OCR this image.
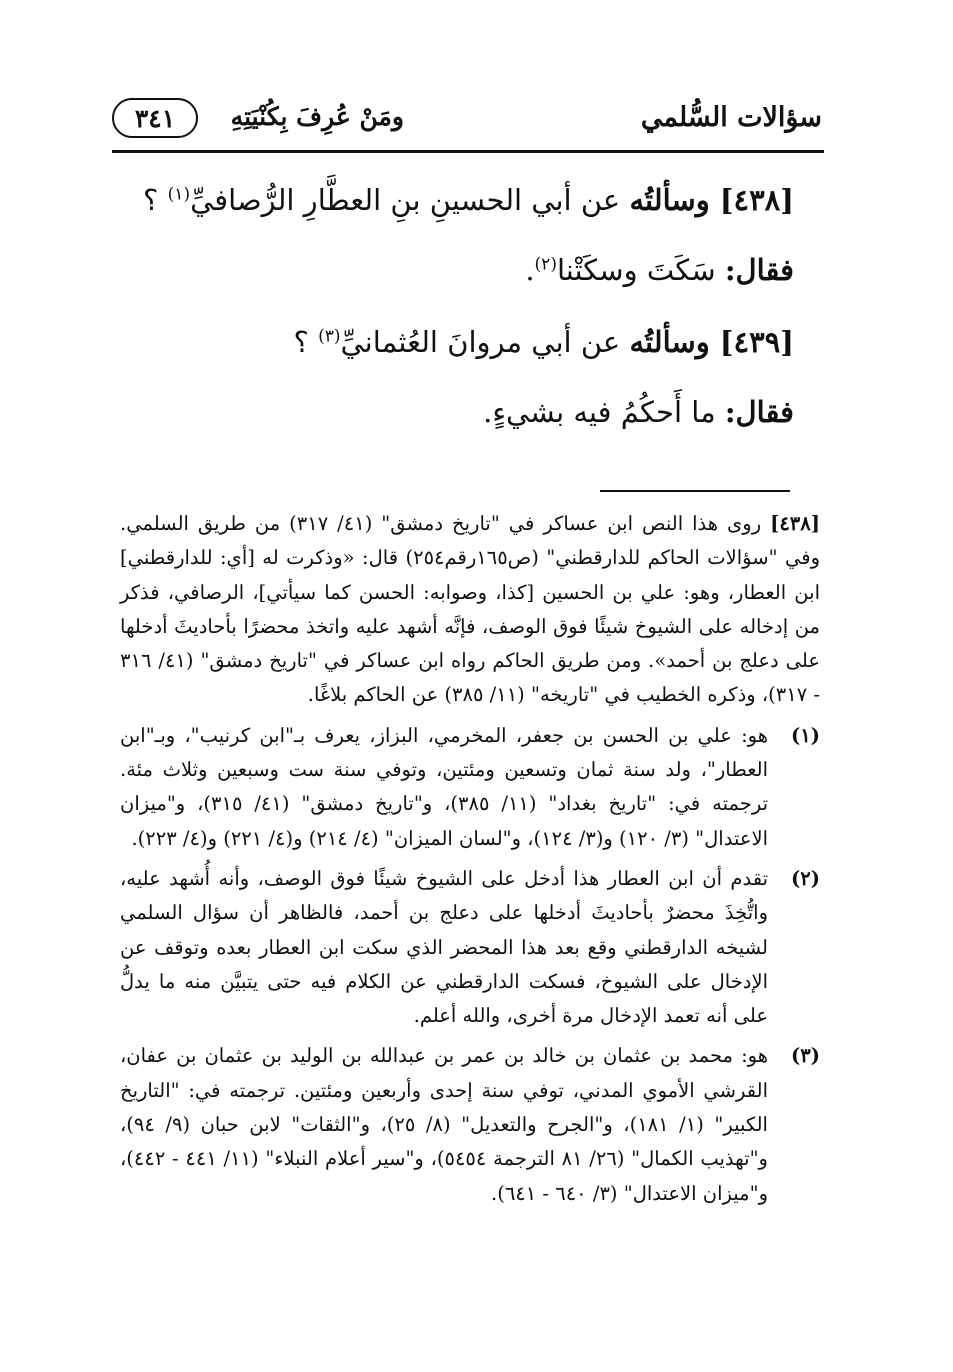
سؤالات السُّلمي
ومَنْ عُرِفَ بِكُنْيَتِهِ
٣٤١

[٤٣٨] وسألتُه عن أبي الحسينِ بنِ العطَّارِ الرُّصافيِّ$^{(١)}$ ؟

فقال: سَكَتَ وسكَتْنا$^{(٢)}$.

[٤٣٩] وسألتُه عن أبي مروانَ العُثمانيِّ$^{(٣)}$ ؟

فقال: ما أَحكُمُ فيه بشيءٍ.

[٤٣٨] روى هذا النص ابن عساكر في "تاريخ دمشق" (٤١/ ٣١٧) من طريق السلمي. وفي "سؤالات الحاكم للدارقطني" (ص١٦٥رقم٢٥٤) قال: «وذكرت له [أي: للدارقطني] ابن العطار، وهو: علي بن الحسين [كذا، وصوابه: الحسن كما سيأتي]، الرصافي، فذكر من إدخاله على الشيوخ شيئًا فوق الوصف، فإنَّه أشهد عليه واتخذ محضرًا بأحاديثَ أدخلها على دعلج بن أحمد». ومن طريق الحاكم رواه ابن عساكر في "تاريخ دمشق" (٤١/ ٣١٦ - ٣١٧)، وذكره الخطيب في "تاريخه" (١١/ ٣٨٥) عن الحاكم بلاغًا.

(١)
هو: علي بن الحسن بن جعفر، المخرمي، البزاز، يعرف بـ"ابن كرنيب"، وبـ"ابن العطار"، ولد سنة ثمان وتسعين ومئتين، وتوفي سنة ست وسبعين وثلاث مئة. ترجمته في: "تاريخ بغداد" (١١/ ٣٨٥)، و"تاريخ دمشق" (٤١/ ٣١٥)، و"ميزان الاعتدال" (٣/ ١٢٠) و(٣/ ١٢٤)، و"لسان الميزان" (٤/ ٢١٤) و(٤/ ٢٢١) و(٤/ ٢٢٣).

(٢)
تقدم أن ابن العطار هذا أدخل على الشيوخ شيئًا فوق الوصف، وأنه أُشهد عليه، واتُّخِذَ محضرٌ بأحاديثَ أدخلها على دعلج بن أحمد، فالظاهر أن سؤال السلمي لشيخه الدارقطني وقع بعد هذا المحضر الذي سكت ابن العطار بعده وتوقف عن الإدخال على الشيوخ، فسكت الدارقطني عن الكلام فيه حتى يتبيَّن منه ما يدلُّ على أنه تعمد الإدخال مرة أخرى، والله أعلم.

(٣)
هو: محمد بن عثمان بن خالد بن عمر بن عبدالله بن الوليد بن عثمان بن عفان، القرشي الأموي المدني، توفي سنة إحدى وأربعين ومئتين. ترجمته في: "التاريخ الكبير" (١/ ١٨١)، و"الجرح والتعديل" (٨/ ٢٥)، و"الثقات" لابن حبان (٩/ ٩٤)، و"تهذيب الكمال" (٢٦/ ٨١ الترجمة ٥٤٥٤)، و"سير أعلام النبلاء" (١١/ ٤٤١ - ٤٤٢)، و"ميزان الاعتدال" (٣/ ٦٤٠ - ٦٤١).
